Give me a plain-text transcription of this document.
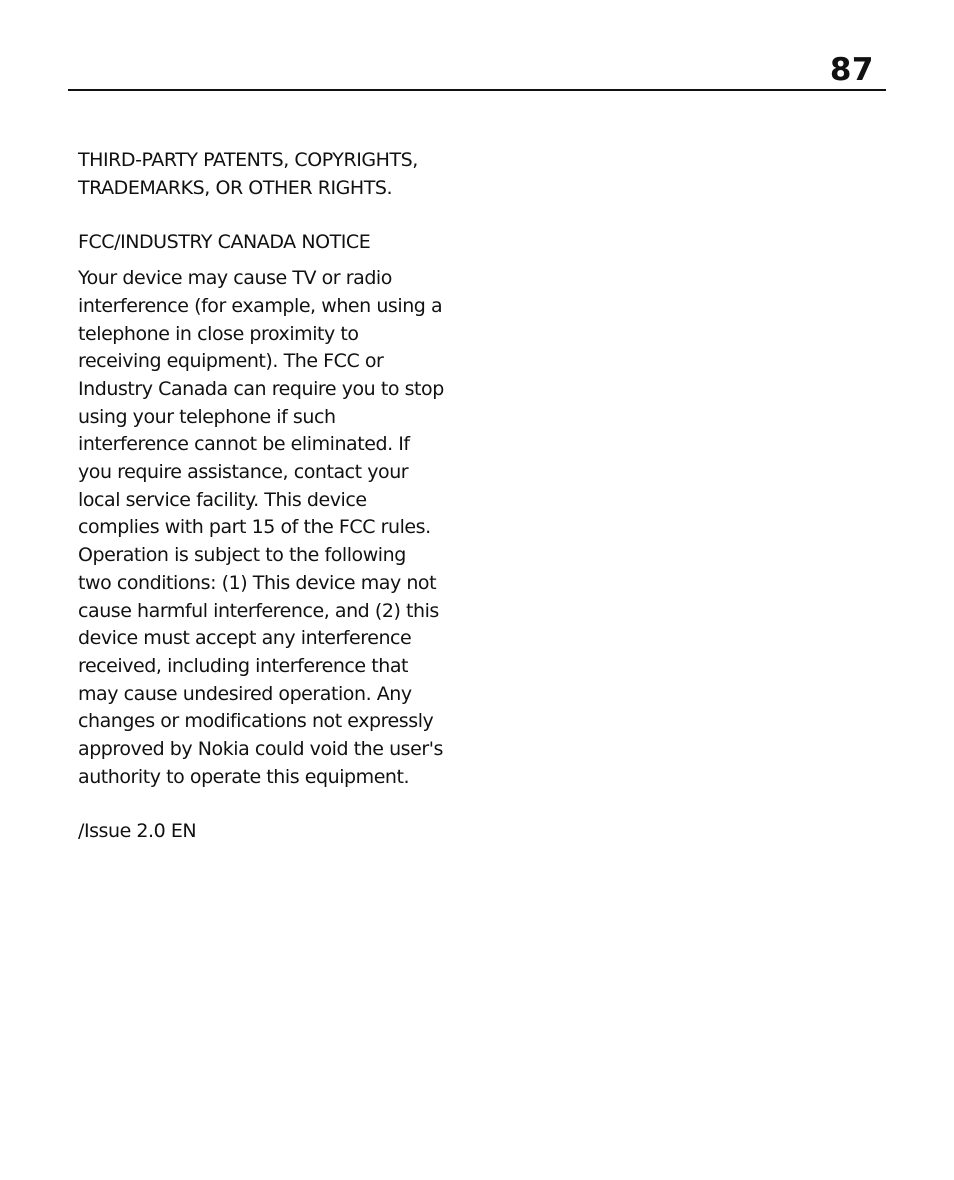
87

THIRD-PARTY PATENTS, COPYRIGHTS,
TRADEMARKS, OR OTHER RIGHTS.

FCC/INDUSTRY CANADA NOTICE

Your device may cause TV or radio
interference (for example, when using a
telephone in close proximity to
receiving equipment). The FCC or
Industry Canada can require you to stop
using your telephone if such
interference cannot be eliminated. If
you require assistance, contact your
local service facility. This device
complies with part 15 of the FCC rules.
Operation is subject to the following
two conditions: (1) This device may not
cause harmful interference, and (2) this
device must accept any interference
received, including interference that
may cause undesired operation. Any
changes or modifications not expressly
approved by Nokia could void the user's
authority to operate this equipment.

/Issue 2.0 EN
